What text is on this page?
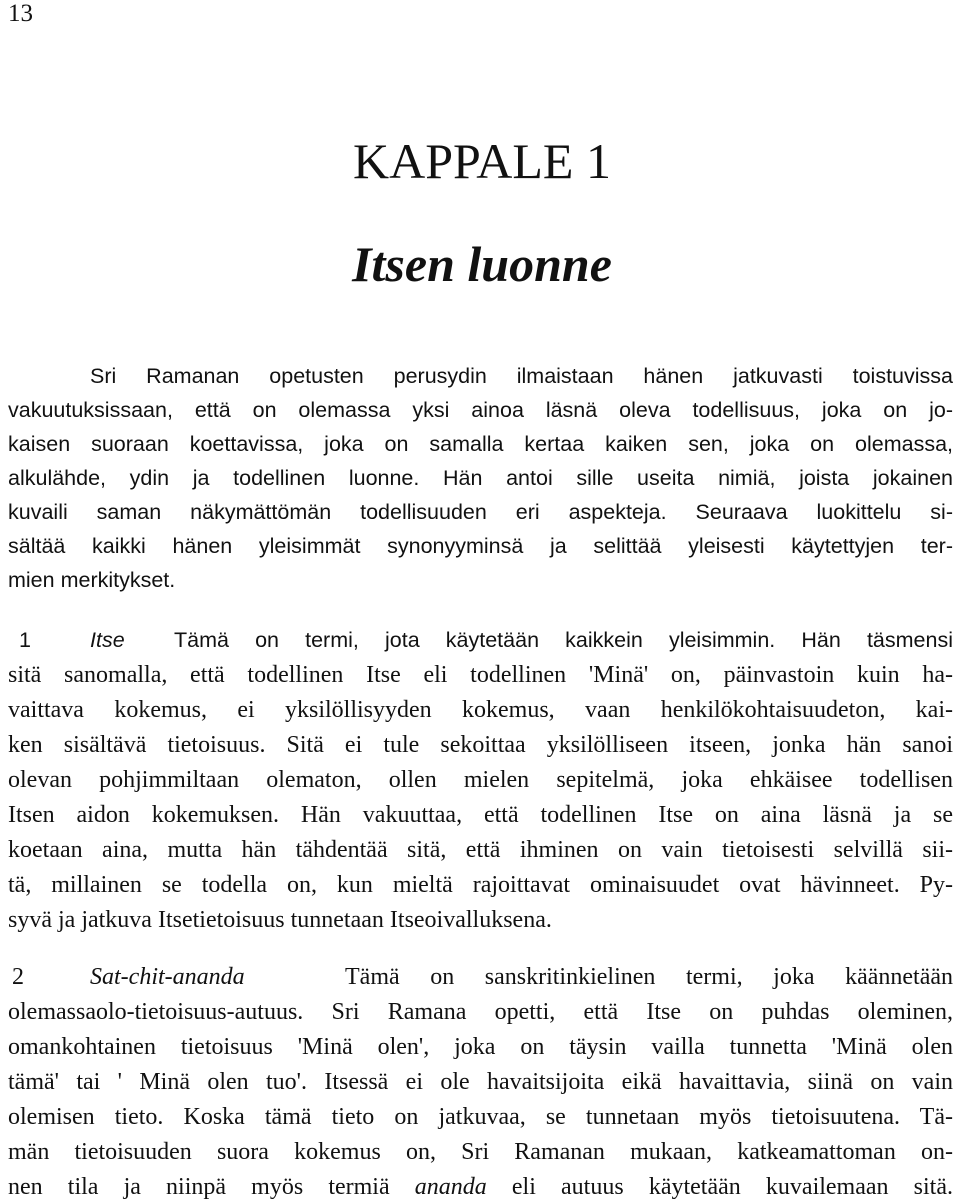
13
KAPPALE 1
Itsen luonne
Sri Ramanan opetusten perusydin ilmaistaan hänen jatkuvasti toistuvissa
vakuutuksissaan, että on olemassa yksi ainoa läsnä oleva todellisuus, joka on jo-
kaisen suoraan koettavissa, joka on samalla kertaa kaiken sen, joka on olemassa,
alkulähde, ydin ja todellinen luonne. Hän antoi sille useita nimiä, joista jokainen
kuvaili saman näkymättömän todellisuuden eri aspekteja. Seuraava luokittelu si-
sältää kaikki hänen yleisimmät synonyyminsä ja selittää yleisesti käytettyjen ter-
mien merkitykset.
1	Itse Tämä on termi, jota käytetään kaikkein yleisimmin. Hän täsmensi
sitä sanomalla, että todellinen Itse eli todellinen 'Minä' on, päinvastoin kuin ha-
vaittava kokemus, ei yksilöllisyyden kokemus, vaan henkilökohtaisuudeton, kai-
ken sisältävä tietoisuus. Sitä ei tule sekoittaa yksilölliseen itseen, jonka hän sanoi
olevan pohjimmiltaan olematon, ollen mielen sepitelmä, joka ehkäisee todellisen
Itsen aidon kokemuksen. Hän vakuuttaa, että todellinen Itse on aina läsnä ja se
koetaan aina, mutta hän tähdentää sitä, että ihminen on vain tietoisesti selvillä sii-
tä, millainen se todella on, kun mieltä rajoittavat ominaisuudet ovat hävinneet. Py-
syvä ja jatkuva Itsetietoisuus tunnetaan Itseoivalluksena.
2	Sat-chit-ananda	Tämä on sanskritinkielinen termi, joka käännetään
olemassaolo-tietoisuus-autuus. Sri Ramana opetti, että Itse on puhdas oleminen,
omankohtainen tietoisuus 'Minä olen', joka on täysin vailla tunnetta 'Minä olen
tämä' tai ' Minä olen tuo'. Itsessä ei ole havaitsijoita eikä havaittavia, siinä on vain
olemisen tieto. Koska tämä tieto on jatkuvaa, se tunnetaan myös tietoisuutena. Tä-
män tietoisuuden suora kokemus on, Sri Ramanan mukaan, katkeamattoman on-
nen tila ja niinpä myös termiä ananda eli autuus käytetään kuvailemaan sitä.
